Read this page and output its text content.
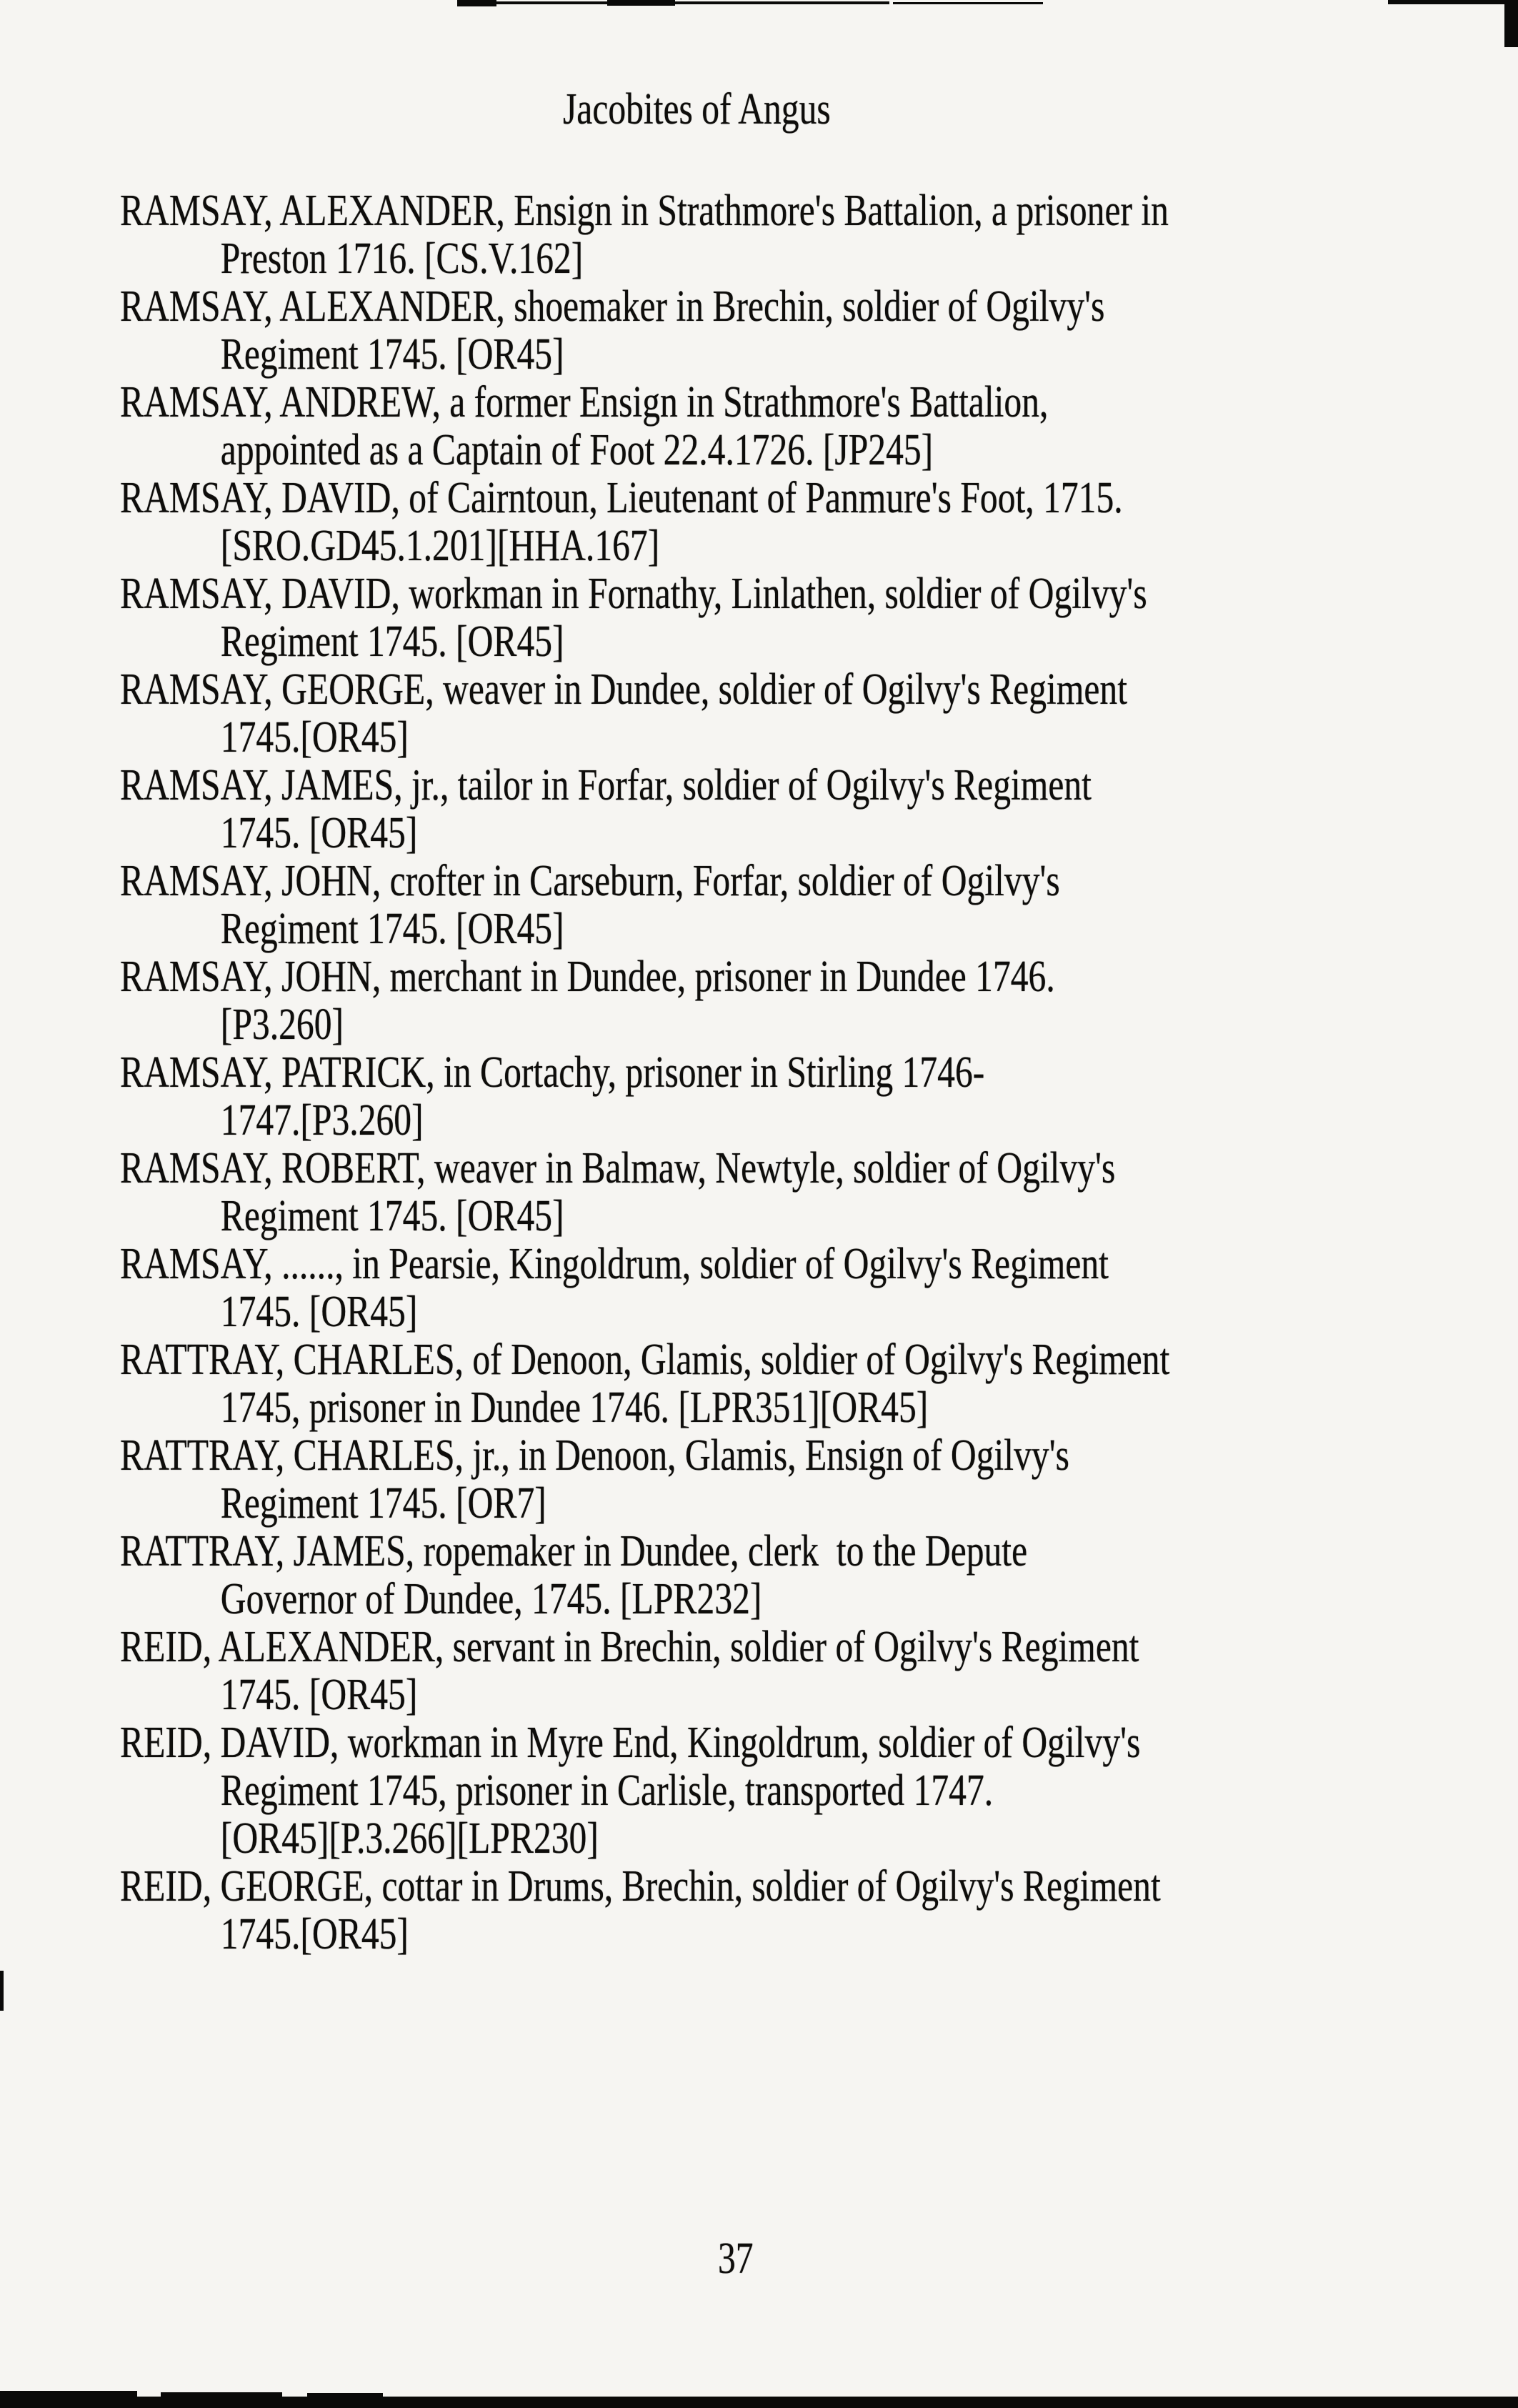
Jacobites of Angus
RAMSAY, ALEXANDER, Ensign in Strathmore's Battalion, a prisoner in
Preston 1716. [CS.V.162]
RAMSAY, ALEXANDER, shoemaker in Brechin, soldier of Ogilvy's
Regiment 1745. [OR45]
RAMSAY, ANDREW, a former Ensign in Strathmore's Battalion,
appointed as a Captain of Foot 22.4.1726. [JP245]
RAMSAY, DAVID, of Cairntoun, Lieutenant of Panmure's Foot, 1715.
[SRO.GD45.1.201][HHA.167]
RAMSAY, DAVID, workman in Fornathy, Linlathen, soldier of Ogilvy's
Regiment 1745. [OR45]
RAMSAY, GEORGE, weaver in Dundee, soldier of Ogilvy's Regiment
1745.[OR45]
RAMSAY, JAMES, jr., tailor in Forfar, soldier of Ogilvy's Regiment
1745. [OR45]
RAMSAY, JOHN, crofter in Carseburn, Forfar, soldier of Ogilvy's
Regiment 1745. [OR45]
RAMSAY, JOHN, merchant in Dundee, prisoner in Dundee 1746.
[P3.260]
RAMSAY, PATRICK, in Cortachy, prisoner in Stirling 1746-
1747.[P3.260]
RAMSAY, ROBERT, weaver in Balmaw, Newtyle, soldier of Ogilvy's
Regiment 1745. [OR45]
RAMSAY, ......, in Pearsie, Kingoldrum, soldier of Ogilvy's Regiment
1745. [OR45]
RATTRAY, CHARLES, of Denoon, Glamis, soldier of Ogilvy's Regiment
1745, prisoner in Dundee 1746. [LPR351][OR45]
RATTRAY, CHARLES, jr., in Denoon, Glamis, Ensign of Ogilvy's
Regiment 1745. [OR7]
RATTRAY, JAMES, ropemaker in Dundee, clerk  to the Depute
Governor of Dundee, 1745. [LPR232]
REID, ALEXANDER, servant in Brechin, soldier of Ogilvy's Regiment
1745. [OR45]
REID, DAVID, workman in Myre End, Kingoldrum, soldier of Ogilvy's
Regiment 1745, prisoner in Carlisle, transported 1747.
[OR45][P.3.266][LPR230]
REID, GEORGE, cottar in Drums, Brechin, soldier of Ogilvy's Regiment
1745.[OR45]
37
